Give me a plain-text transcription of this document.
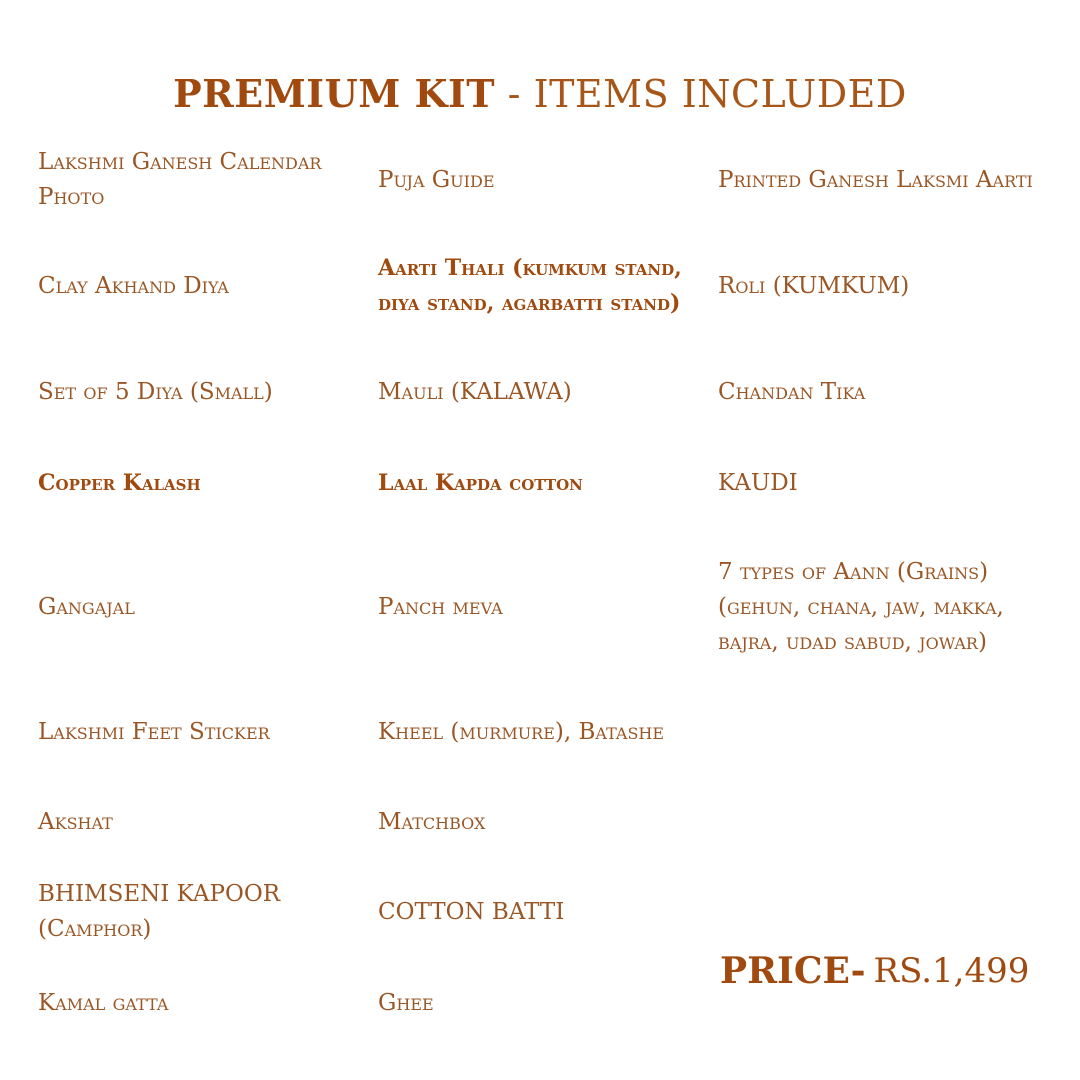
PREMIUM KIT - ITEMS INCLUDED
Lakshmi Ganesh Calendar Photo
Clay Akhand Diya
Set of 5 Diya (Small)
Copper Kalash
Gangajal
Lakshmi Feet Sticker
Akshat
BHIMSENI KAPOOR (Camphor)
Kamal gatta
Puja Guide
Aarti Thali (kumkum stand, diya stand, agarbatti stand)
Mauli (KALAWA)
Laal Kapda cotton
Panch meva
Kheel (murmure), Batashe
Matchbox
COTTON BATTI
Ghee
Printed Ganesh Laksmi Aarti
Roli (KUMKUM)
Chandan Tika
KAUDI
7 types of Aann (Grains) (gehun, chana, jaw, makka, bajra, udad sabud, jowar)
PRICE- RS.1,499
